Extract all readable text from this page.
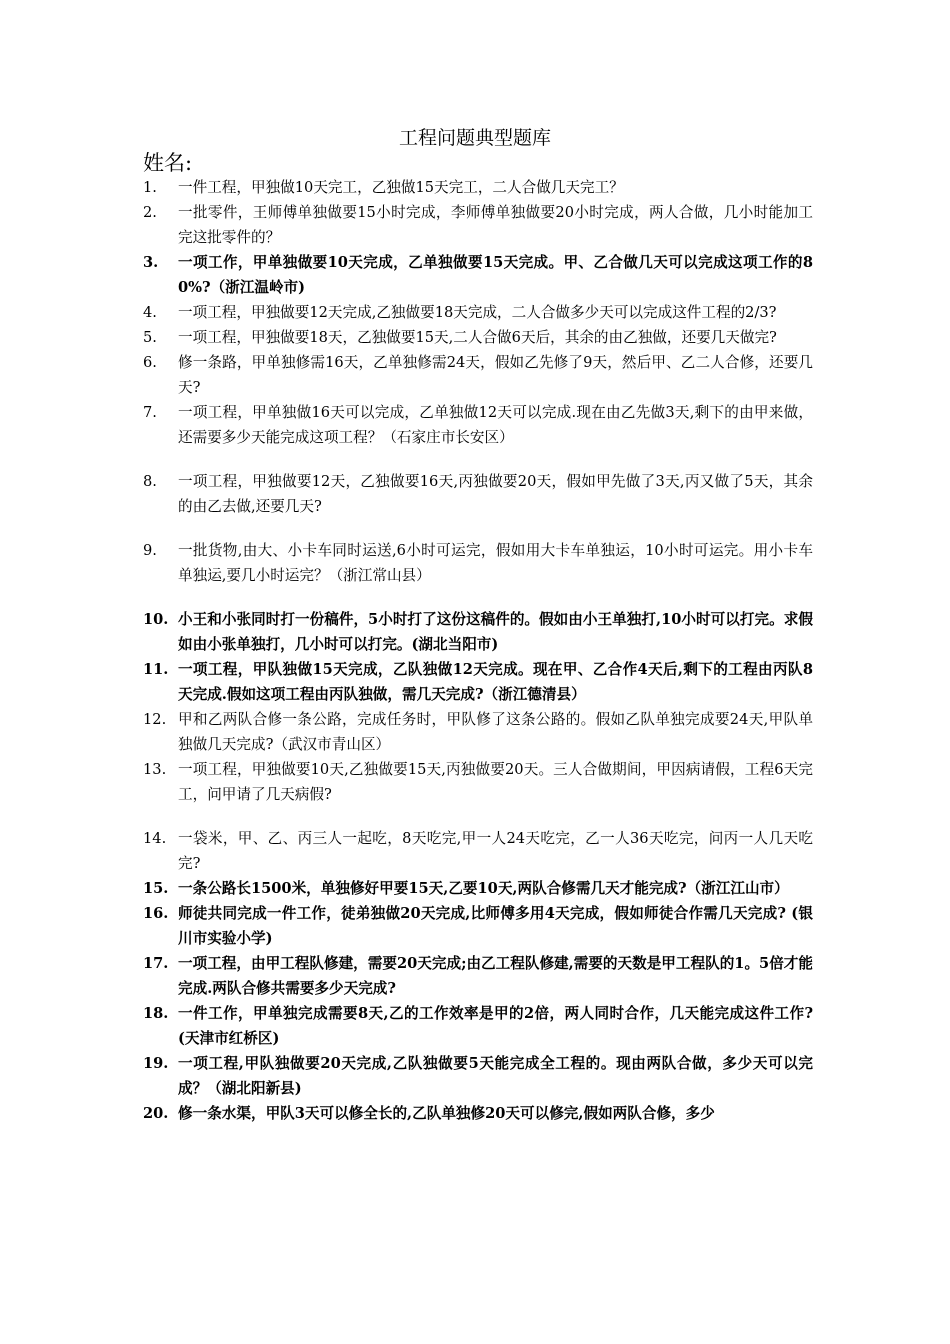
工程问题典型题库
姓名:
1.	一件工程，甲独做10天完工，乙独做15天完工，二人合做几天完工？
2.	一批零件，王师傅单独做要15小时完成，李师傅单独做要20小时完成，两人合做，几小时能加工完这批零件的？
3.	一项工作，甲单独做要10天完成，乙单独做要15天完成。甲、乙合做几天可以完成这项工作的80%?（浙江温岭市)
4.	一项工程，甲独做要12天完成,乙独做要18天完成，二人合做多少天可以完成这件工程的2/3?
5.	一项工程，甲独做要18天，乙独做要15天,二人合做6天后，其余的由乙独做，还要几天做完?
6.	修一条路，甲单独修需16天，乙单独修需24天，假如乙先修了9天，然后甲、乙二人合修，还要几天?
7.	一项工程，甲单独做16天可以完成，乙单独做12天可以完成.现在由乙先做3天,剩下的由甲来做，还需要多少天能完成这项工程？（石家庄市长安区）
8.	一项工程，甲独做要12天，乙独做要16天,丙独做要20天，假如甲先做了3天,丙又做了5天，其余的由乙去做,还要几天?
9.	一批货物,由大、小卡车同时运送,6小时可运完，假如用大卡车单独运，10小时可运完。用小卡车单独运,要几小时运完？（浙江常山县）
10. 小王和小张同时打一份稿件，5小时打了这份这稿件的。假如由小王单独打,10小时可以打完。求假如由小张单独打，几小时可以打完。(湖北当阳市)
11. 一项工程，甲队独做15天完成，乙队独做12天完成。现在甲、乙合作4天后,剩下的工程由丙队8天完成.假如这项工程由丙队独做，需几天完成?（浙江德清县）
12. 甲和乙两队合修一条公路，完成任务时，甲队修了这条公路的。假如乙队单独完成要24天,甲队单独做几天完成?（武汉市青山区）
13. 一项工程，甲独做要10天,乙独做要15天,丙独做要20天。三人合做期间，甲因病请假，工程6天完工，问甲请了几天病假?
14. 一袋米，甲、乙、丙三人一起吃，8天吃完,甲一人24天吃完，乙一人36天吃完，问丙一人几天吃完?
15. 一条公路长1500米，单独修好甲要15天,乙要10天,两队合修需几天才能完成?（浙江江山市）
16. 师徒共同完成一件工作，徒弟独做20天完成,比师傅多用4天完成，假如师徒合作需几天完成? (银川市实验小学)
17. 一项工程，由甲工程队修建，需要20天完成;由乙工程队修建,需要的天数是甲工程队的1。5倍才能完成.两队合修共需要多少天完成?
18. 一件工作，甲单独完成需要8天,乙的工作效率是甲的2倍，两人同时合作，几天能完成这件工作?(天津市红桥区)
19. 一项工程,甲队独做要20天完成,乙队独做要5天能完成全工程的。现由两队合做，多少天可以完成？（湖北阳新县)
20. 修一条水渠，甲队3天可以修全长的,乙队单独修20天可以修完,假如两队合修，多少
